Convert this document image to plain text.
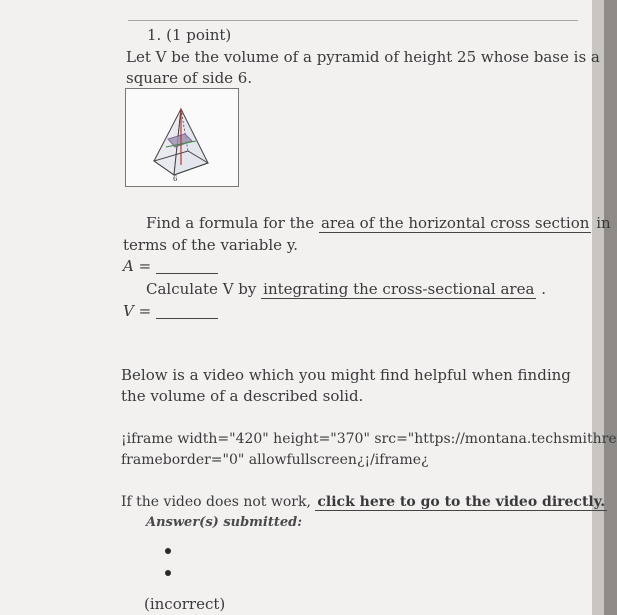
1. (1 point)
Let V be the volume of a pyramid of height 25 whose base is a
square of side 6.
6
Find a formula for the area of the horizontal cross section in
terms of the variable y.
A =
Calculate V by integrating the cross-sectional area .
V =
Below is a video which you might find helpful when finding
the volume of a described solid.
¡iframe width="420" height="370" src="https://montana.techsmithre
frameborder="0" allowfullscreen¿¡/iframe¿
If the video does not work, click here to go to the video directly.
Answer(s) submitted:
(incorrect)
